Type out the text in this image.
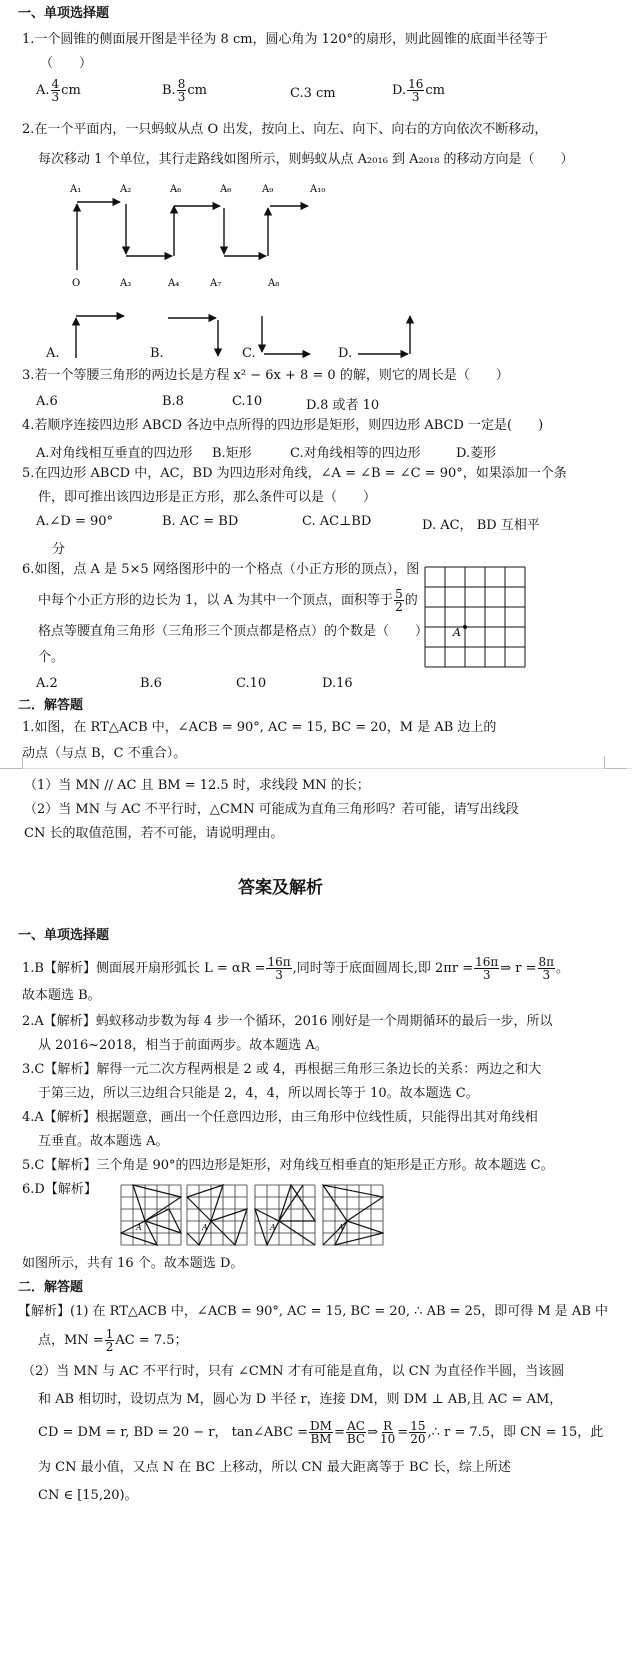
一、单项选择题
1.一个圆锥的侧面展开图是半径为 8 cm，圆心角为 120°的扇形，则此圆锥的底面半径等于
（　　）
A. $\frac{4}{3}$ cm	B. $\frac{8}{3}$ cm	C.3 cm	D. $\frac{16}{3}$ cm
2.在一个平面内，一只蚂蚁从点 O 出发，按向上、向左、向下、向右的方向依次不断移动，
每次移动 1 个单位，其行走路线如图所示，则蚂蚁从点 A₂₀₁₆ 到 A₂₀₁₈ 的移动方向是（　　）
A₁	A₂	A₆	A₆	A₉	A₁₀
O	A₃	A₄	A₇	A₈
A.	B.	C.	D.
3.若一个等腰三角形的两边长是方程 x² − 6x + 8 = 0 的解，则它的周长是（　　）
A.6	B.8	C.10	D.8 或者 10
4.若顺序连接四边形 ABCD 各边中点所得的四边形是矩形，则四边形 ABCD 一定是(　　)
A.对角线相互垂直的四边形 B.矩形	C.对角线相等的四边形	D.菱形
5.在四边形 ABCD 中，AC，BD 为四边形对角线，∠A = ∠B = ∠C = 90°，如果添加一个条
件，即可推出该四边形是正方形，那么条件可以是（　　）
A.∠D = 90°	B. AC = BD	C. AC⊥BD	D. AC， BD 互相平
分
6.如图，点 A 是 5×5 网络图形中的一个格点（小正方形的顶点），图
中每个小正方形的边长为 1，以 A 为其中一个顶点，面积等于 $\frac{5}{2}$ 的
格点等腰直角三角形（三角形三个顶点都是格点）的个数是（　　）
个。
A
A.2	B.6	C.10	D.16
二．解答题
1.如图，在 RT△ACB 中，∠ACB = 90°, AC = 15, BC = 20，M 是 AB 边上的
动点（与点 B，C 不重合）。
（1）当 MN // AC 且 BM = 12.5 时，求线段 MN 的长；
（2）当 MN 与 AC 不平行时，△CMN 可能成为直角三角形吗？若可能，请写出线段
CN 长的取值范围，若不可能，请说明理由。
答案及解析
一、单项选择题
1.B【解析】侧面展开扇形弧长 $L = \alpha R = \frac{16\pi}{3}$ ,同时等于底面圆周长,即 $2\pi r = \frac{16\pi}{3}$ ⇒ $r = \frac{8\pi}{3}$ 。
故本题选 B。
2.A【解析】蚂蚁移动步数为每 4 步一个循环，2016 刚好是一个周期循环的最后一步，所以
从 2016~2018，相当于前面两步。故本题选 A。
3.C【解析】解得一元二次方程两根是 2 或 4，再根据三角形三条边长的关系：两边之和大
于第三边，所以三边组合只能是 2，4，4，所以周长等于 10。故本题选 C。
4.A【解析】根据题意，画出一个任意四边形，由三角形中位线性质，只能得出其对角线相
互垂直。故本题选 A。
5.C【解析】三个角是 90°的四边形是矩形，对角线互相垂直的矩形是正方形。故本题选 C。
6.D【解析】
A	A	A	A
如图所示，共有 16 个。故本题选 D。
二．解答题
【解析】(1) 在 RT△ACB 中，∠ACB = 90°, AC = 15, BC = 20, ∴ AB = 25，即可得 M 是 AB 中
点，MN = $\frac{1}{2}$ AC = 7.5；
（2）当 MN 与 AC 不平行时，只有 ∠CMN 才有可能是直角，以 CN 为直径作半圆，当该圆
和 AB 相切时，设切点为 M，圆心为 D 半径 r，连接 DM，则 DM ⊥ AB,且 AC = AM，
CD = DM = r, BD = 20 − r， tan∠ABC = $\frac{DM}{BM} = \frac{AC}{BC}$ ⇒ $\frac{R}{10} = \frac{15}{20}$ ,∴ r = 7.5，即 CN = 15，此
为 CN 最小值，又点 N 在 BC 上移动，所以 CN 最大距离等于 BC 长，综上所述
CN ∈ [15,20)。
